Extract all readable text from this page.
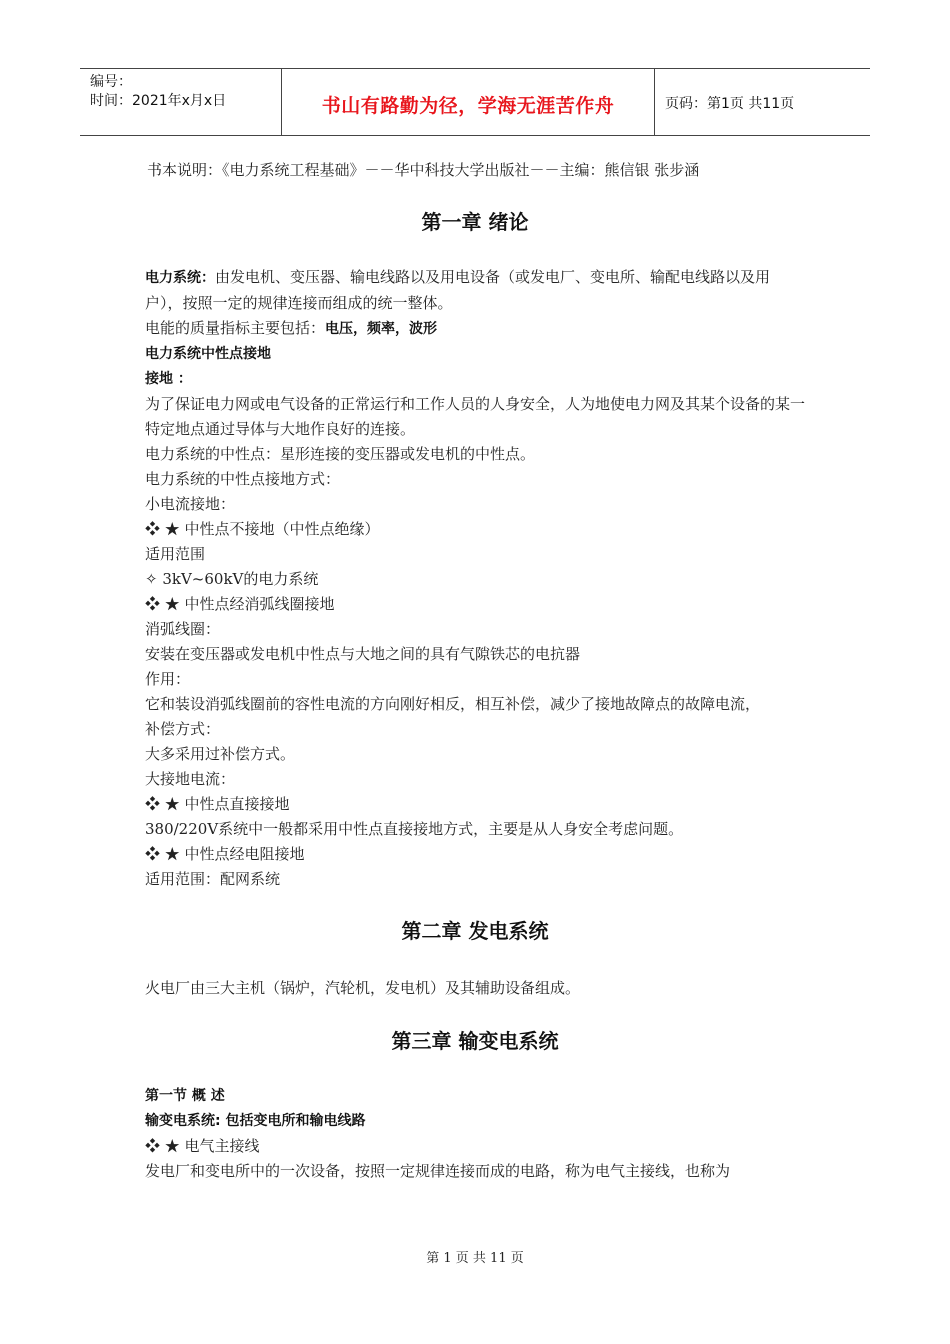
编号：
时间：2021年x月x日	书山有路勤为径，学海无涯苦作舟	页码：第1页 共11页
书本说明：《电力系统工程基础》－－华中科技大学出版社－－主编：熊信银 张步涵
第一章 绪论
电力系统：由发电机、变压器、输电线路以及用电设备（或发电厂、变电所、输配电线路以及用户），按照一定的规律连接而组成的统一整体。
电能的质量指标主要包括：电压，频率，波形
电力系统中性点接地
接地 ：
为了保证电力网或电气设备的正常运行和工作人员的人身安全，人为地使电力网及其某个设备的某一特定地点通过导体与大地作良好的连接。
电力系统的中性点：星形连接的变压器或发电机的中性点。
电力系统的中性点接地方式：
小电流接地：
❖ ★ 中性点不接地（中性点绝缘）
适用范围
✧ 3kV~60kV的电力系统
❖ ★ 中性点经消弧线圈接地
消弧线圈：
安装在变压器或发电机中性点与大地之间的具有气隙铁芯的电抗器
作用：
它和装设消弧线圈前的容性电流的方向刚好相反，相互补偿，减少了接地故障点的故障电流，
补偿方式：
大多采用过补偿方式。
大接地电流：
❖ ★ 中性点直接接地
380/220V系统中一般都采用中性点直接接地方式，主要是从人身安全考虑问题。
❖ ★ 中性点经电阻接地
适用范围：配网系统
第二章 发电系统
火电厂由三大主机（锅炉，汽轮机，发电机）及其辅助设备组成。
第三章 输变电系统
第一节 概 述
输变电系统: 包括变电所和输电线路
❖ ★ 电气主接线
发电厂和变电所中的一次设备，按照一定规律连接而成的电路，称为电气主接线，也称为
第 1 页 共 11 页
